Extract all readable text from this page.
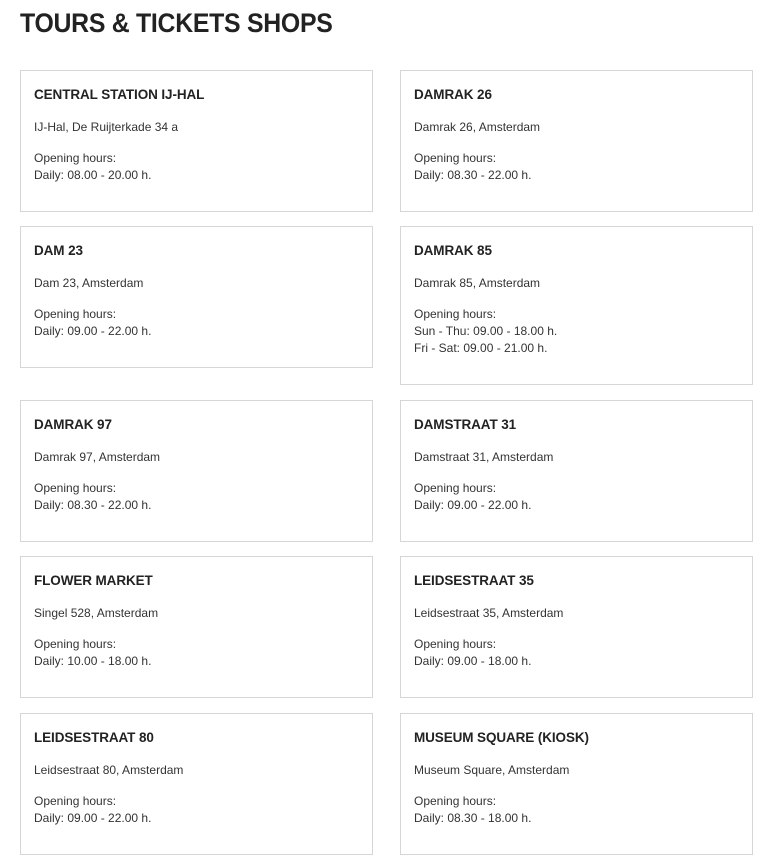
TOURS & TICKETS SHOPS
CENTRAL STATION IJ-HAL

IJ-Hal, De Ruijterkade 34 a

Opening hours:
Daily: 08.00 - 20.00 h.
DAMRAK 26

Damrak 26, Amsterdam

Opening hours:
Daily: 08.30 - 22.00 h.
DAM 23

Dam 23, Amsterdam

Opening hours:
Daily: 09.00 - 22.00 h.
DAMRAK 85

Damrak 85, Amsterdam

Opening hours:
Sun - Thu: 09.00 - 18.00 h.
Fri - Sat: 09.00 - 21.00 h.
DAMRAK 97

Damrak 97, Amsterdam

Opening hours:
Daily: 08.30 - 22.00 h.
DAMSTRAAT 31

Damstraat 31, Amsterdam

Opening hours:
Daily: 09.00 - 22.00 h.
FLOWER MARKET

Singel 528, Amsterdam

Opening hours:
Daily: 10.00 - 18.00 h.
LEIDSESTRAAT 35

Leidsestraat 35, Amsterdam

Opening hours:
Daily: 09.00 - 18.00 h.
LEIDSESTRAAT 80

Leidsestraat 80, Amsterdam

Opening hours:
Daily: 09.00 - 22.00 h.
MUSEUM SQUARE (KIOSK)

Museum Square, Amsterdam

Opening hours:
Daily: 08.30 - 18.00 h.
